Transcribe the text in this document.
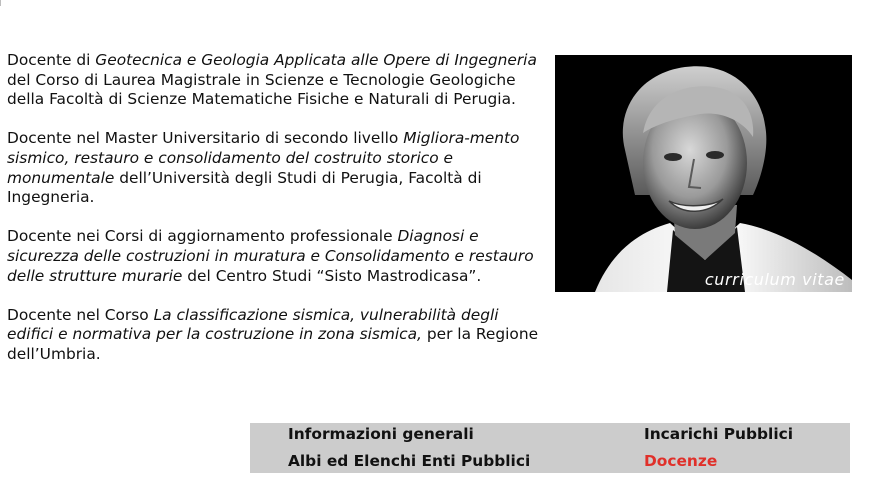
Docente di Geotecnica e Geologia Applicata alle Opere di Ingegneria del Corso di Laurea Magistrale in Scienze e Tecnologie Geologiche della Facoltà di Scienze Matematiche Fisiche e Naturali di Perugia.

Docente nel Master Universitario di secondo livello Migliora-mento sismico, restauro e consolidamento del costruito storico e monumentale dell’Università degli Studi di Perugia, Facoltà di Ingegneria.

Docente nei Corsi di aggiornamento professionale Diagnosi e sicurezza delle costruzioni in muratura e Consolidamento e restauro delle strutture murarie del Centro Studi “Sisto Mastrodicasa”.

Docente nel Corso La classificazione sismica, vulnerabilità degli edifici e normativa per la costruzione in zona sismica, per la Regione dell’Umbria.

curriculum vitae
Informazioni generali	Incarichi Pubblici
Albi ed Elenchi Enti Pubblici	Docenze
